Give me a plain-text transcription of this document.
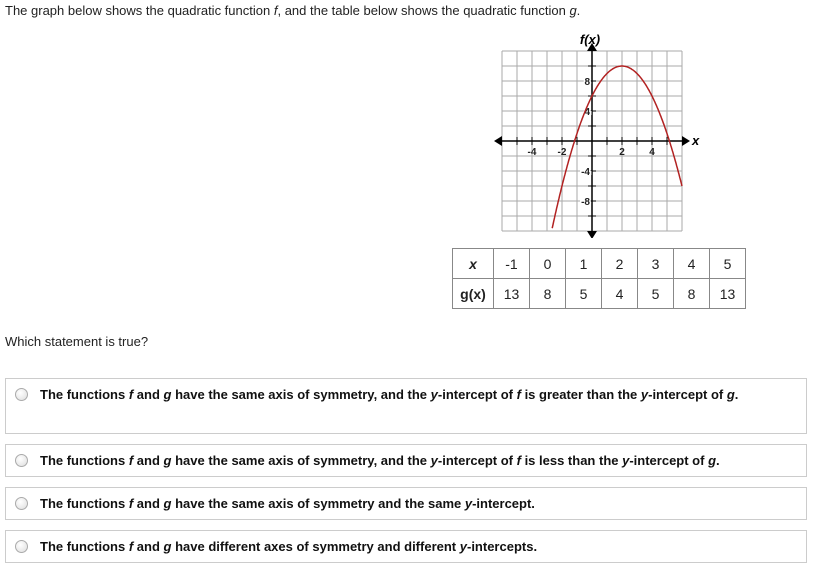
The graph below shows the quadratic function f, and the table below shows the quadratic function g.
f(x)
x
-4 -2	2 4
8
4
-4
-8
x	-1	0	1	2	3	4	5
g(x)	13	8	5	4	5	8	13
Which statement is true?
The functions f and g have the same axis of symmetry, and the y-intercept of f is greater than the y-intercept of g.
The functions f and g have the same axis of symmetry, and the y-intercept of f is less than the y-intercept of g.
The functions f and g have the same axis of symmetry and the same y-intercept.
The functions f and g have different axes of symmetry and different y-intercepts.
